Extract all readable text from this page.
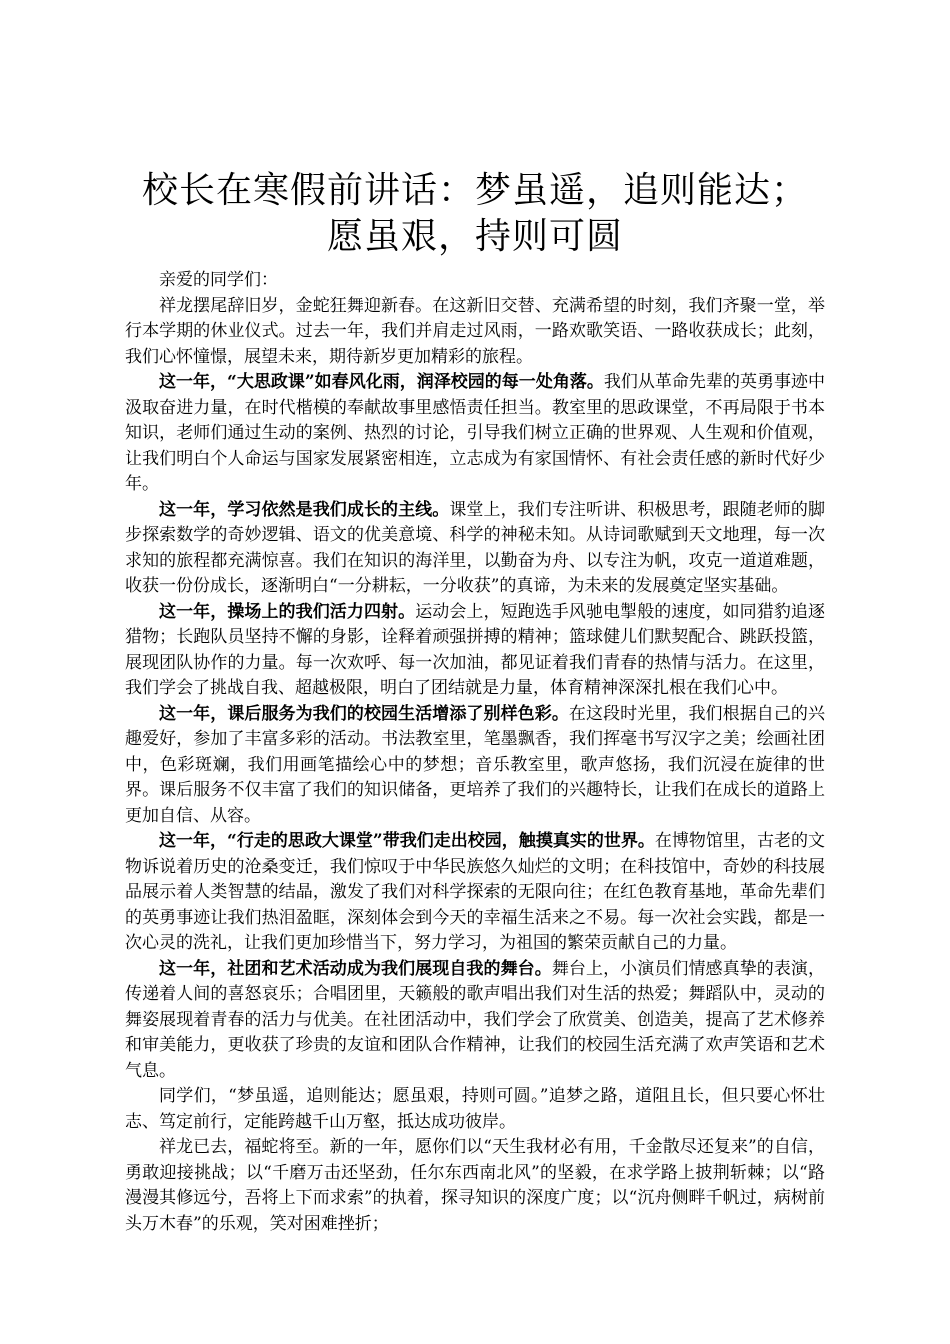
校长在寒假前讲话：梦虽遥，追则能达；愿虽艰，持则可圆

亲爱的同学们：

祥龙摆尾辞旧岁，金蛇狂舞迎新春。在这新旧交替、充满希望的时刻，我们齐聚一堂，举行本学期的休业仪式。过去一年，我们并肩走过风雨，一路欢歌笑语、一路收获成长；此刻，我们心怀憧憬，展望未来，期待新岁更加精彩的旅程。

这一年，“大思政课”如春风化雨，润泽校园的每一处角落。我们从革命先辈的英勇事迹中汲取奋进力量，在时代楷模的奉献故事里感悟责任担当。教室里的思政课堂，不再局限于书本知识，老师们通过生动的案例、热烈的讨论，引导我们树立正确的世界观、人生观和价值观，让我们明白个人命运与国家发展紧密相连，立志成为有家国情怀、有社会责任感的新时代好少年。

这一年，学习依然是我们成长的主线。课堂上，我们专注听讲、积极思考，跟随老师的脚步探索数学的奇妙逻辑、语文的优美意境、科学的神秘未知。从诗词歌赋到天文地理，每一次求知的旅程都充满惊喜。我们在知识的海洋里，以勤奋为舟、以专注为帆，攻克一道道难题，收获一份份成长，逐渐明白“一分耕耘，一分收获”的真谛，为未来的发展奠定坚实基础。

这一年，操场上的我们活力四射。运动会上，短跑选手风驰电掣般的速度，如同猎豹追逐猎物；长跑队员坚持不懈的身影，诠释着顽强拼搏的精神；篮球健儿们默契配合、跳跃投篮，展现团队协作的力量。每一次欢呼、每一次加油，都见证着我们青春的热情与活力。在这里，我们学会了挑战自我、超越极限，明白了团结就是力量，体育精神深深扎根在我们心中。

这一年，课后服务为我们的校园生活增添了别样色彩。在这段时光里，我们根据自己的兴趣爱好，参加了丰富多彩的活动。书法教室里，笔墨飘香，我们挥毫书写汉字之美；绘画社团中，色彩斑斓，我们用画笔描绘心中的梦想；音乐教室里，歌声悠扬，我们沉浸在旋律的世界。课后服务不仅丰富了我们的知识储备，更培养了我们的兴趣特长，让我们在成长的道路上更加自信、从容。

这一年，“行走的思政大课堂”带我们走出校园，触摸真实的世界。在博物馆里，古老的文物诉说着历史的沧桑变迁，我们惊叹于中华民族悠久灿烂的文明；在科技馆中，奇妙的科技展品展示着人类智慧的结晶，激发了我们对科学探索的无限向往；在红色教育基地，革命先辈们的英勇事迹让我们热泪盈眶，深刻体会到今天的幸福生活来之不易。每一次社会实践，都是一次心灵的洗礼，让我们更加珍惜当下，努力学习，为祖国的繁荣贡献自己的力量。

这一年，社团和艺术活动成为我们展现自我的舞台。舞台上，小演员们情感真挚的表演，传递着人间的喜怒哀乐；合唱团里，天籁般的歌声唱出我们对生活的热爱；舞蹈队中，灵动的舞姿展现着青春的活力与优美。在社团活动中，我们学会了欣赏美、创造美，提高了艺术修养和审美能力，更收获了珍贵的友谊和团队合作精神，让我们的校园生活充满了欢声笑语和艺术气息。

同学们，“梦虽遥，追则能达；愿虽艰，持则可圆。”追梦之路，道阻且长，但只要心怀壮志、笃定前行，定能跨越千山万壑，抵达成功彼岸。

祥龙已去，福蛇将至。新的一年，愿你们以“天生我材必有用，千金散尽还复来”的自信，勇敢迎接挑战；以“千磨万击还坚劲，任尔东西南北风”的坚毅，在求学路上披荆斩棘；以“路漫漫其修远兮，吾将上下而求索”的执着，探寻知识的深度广度；以“沉舟侧畔千帆过，病树前头万木春”的乐观，笑对困难挫折；
